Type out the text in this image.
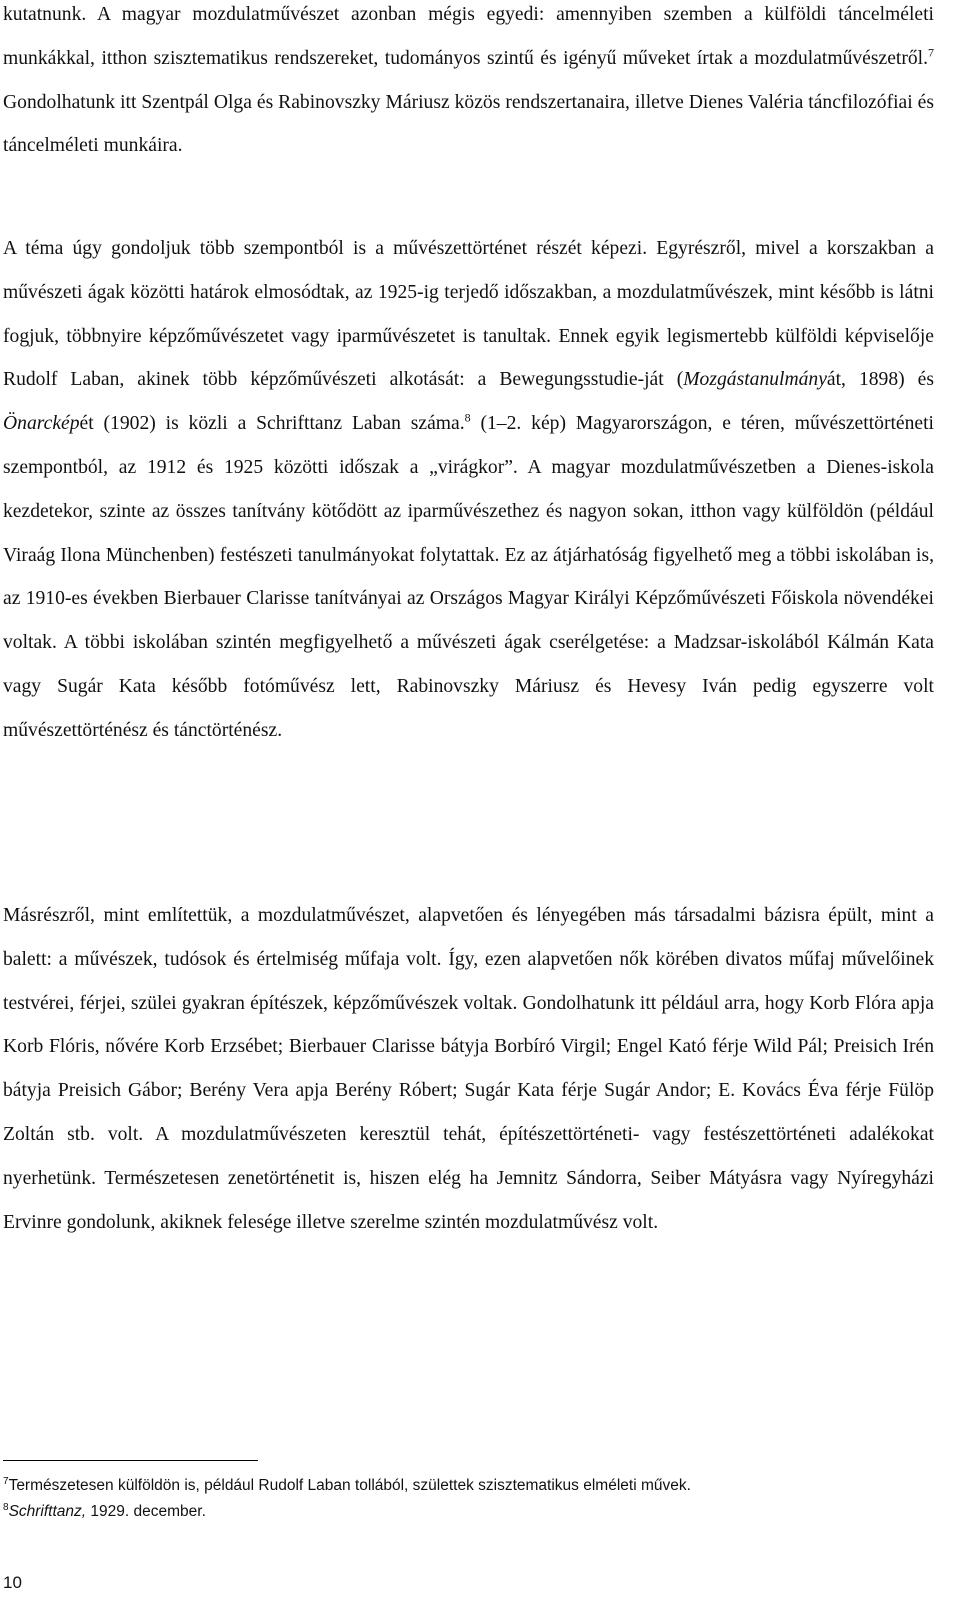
kutatnunk. A magyar mozdulatművészet azonban mégis egyedi: amennyiben szemben a külföldi táncelméleti munkákkal, itthon szisztematikus rendszereket, tudományos szintű és igényű műveket írtak a mozdulatművészetről.$^7$ Gondolhatunk itt Szentpál Olga és Rabinovszky Máriusz közös rendszertanaira, illetve Dienes Valéria táncfilozófiai és táncelméleti munkáira.

A téma úgy gondoljuk több szempontból is a művészettörténet részét képezi. Egyrészről, mivel a korszakban a művészeti ágak közötti határok elmosódtak, az 1925-ig terjedő időszakban, a mozdulatművészek, mint később is látni fogjuk, többnyire képzőművészetet vagy iparművészetet is tanultak. Ennek egyik legismertebb külföldi képviselője Rudolf Laban, akinek több képzőművészeti alkotását: a Bewegungsstudie-ját (Mozgástanulmányát, 1898) és Önarcképét (1902) is közli a Schrifttanz Laban száma.$^8$ (1–2. kép) Magyarországon, e téren, művészettörténeti szempontból, az 1912 és 1925 közötti időszak a „virágkor”. A magyar mozdulatművészetben a Dienes-iskola kezdetekor, szinte az összes tanítvány kötődött az iparművészethez és nagyon sokan, itthon vagy külföldön (például Viraág Ilona Münchenben) festészeti tanulmányokat folytattak. Ez az átjárhatóság figyelhető meg a többi iskolában is, az 1910-es években Bierbauer Clarisse tanítványai az Országos Magyar Királyi Képzőművészeti Főiskola növendékei voltak. A többi iskolában szintén megfigyelhető a művészeti ágak cserélgetése: a Madzsar-iskolából Kálmán Kata vagy Sugár Kata később fotóművész lett, Rabinovszky Máriusz és Hevesy Iván pedig egyszerre volt művészettörténész és tánctörténész.

Másrészről, mint említettük, a mozdulatművészet, alapvetően és lényegében más társadalmi bázisra épült, mint a balett: a művészek, tudósok és értelmiség műfaja volt. Így, ezen alapvetően nők körében divatos műfaj művelőinek testvérei, férjei, szülei gyakran építészek, képzőművészek voltak. Gondolhatunk itt például arra, hogy Korb Flóra apja Korb Flóris, nővére Korb Erzsébet; Bierbauer Clarisse bátyja Borbíró Virgil; Engel Kató férje Wild Pál; Preisich Irén bátyja Preisich Gábor; Berény Vera apja Berény Róbert; Sugár Kata férje Sugár Andor; E. Kovács Éva férje Fülöp Zoltán stb. volt. A mozdulatművészeten keresztül tehát, építészettörténeti- vagy festészettörténeti adalékokat nyerhetünk. Természetesen zenetörténetit is, hiszen elég ha Jemnitz Sándorra, Seiber Mátyásra vagy Nyíregyházi Ervinre gondolunk, akiknek felesége illetve szerelme szintén mozdulatművész volt.

$^7$Természetesen külföldön is, például Rudolf Laban tollából, születtek szisztematikus elméleti művek.

$^8$Schrifttanz, 1929. december.

10
